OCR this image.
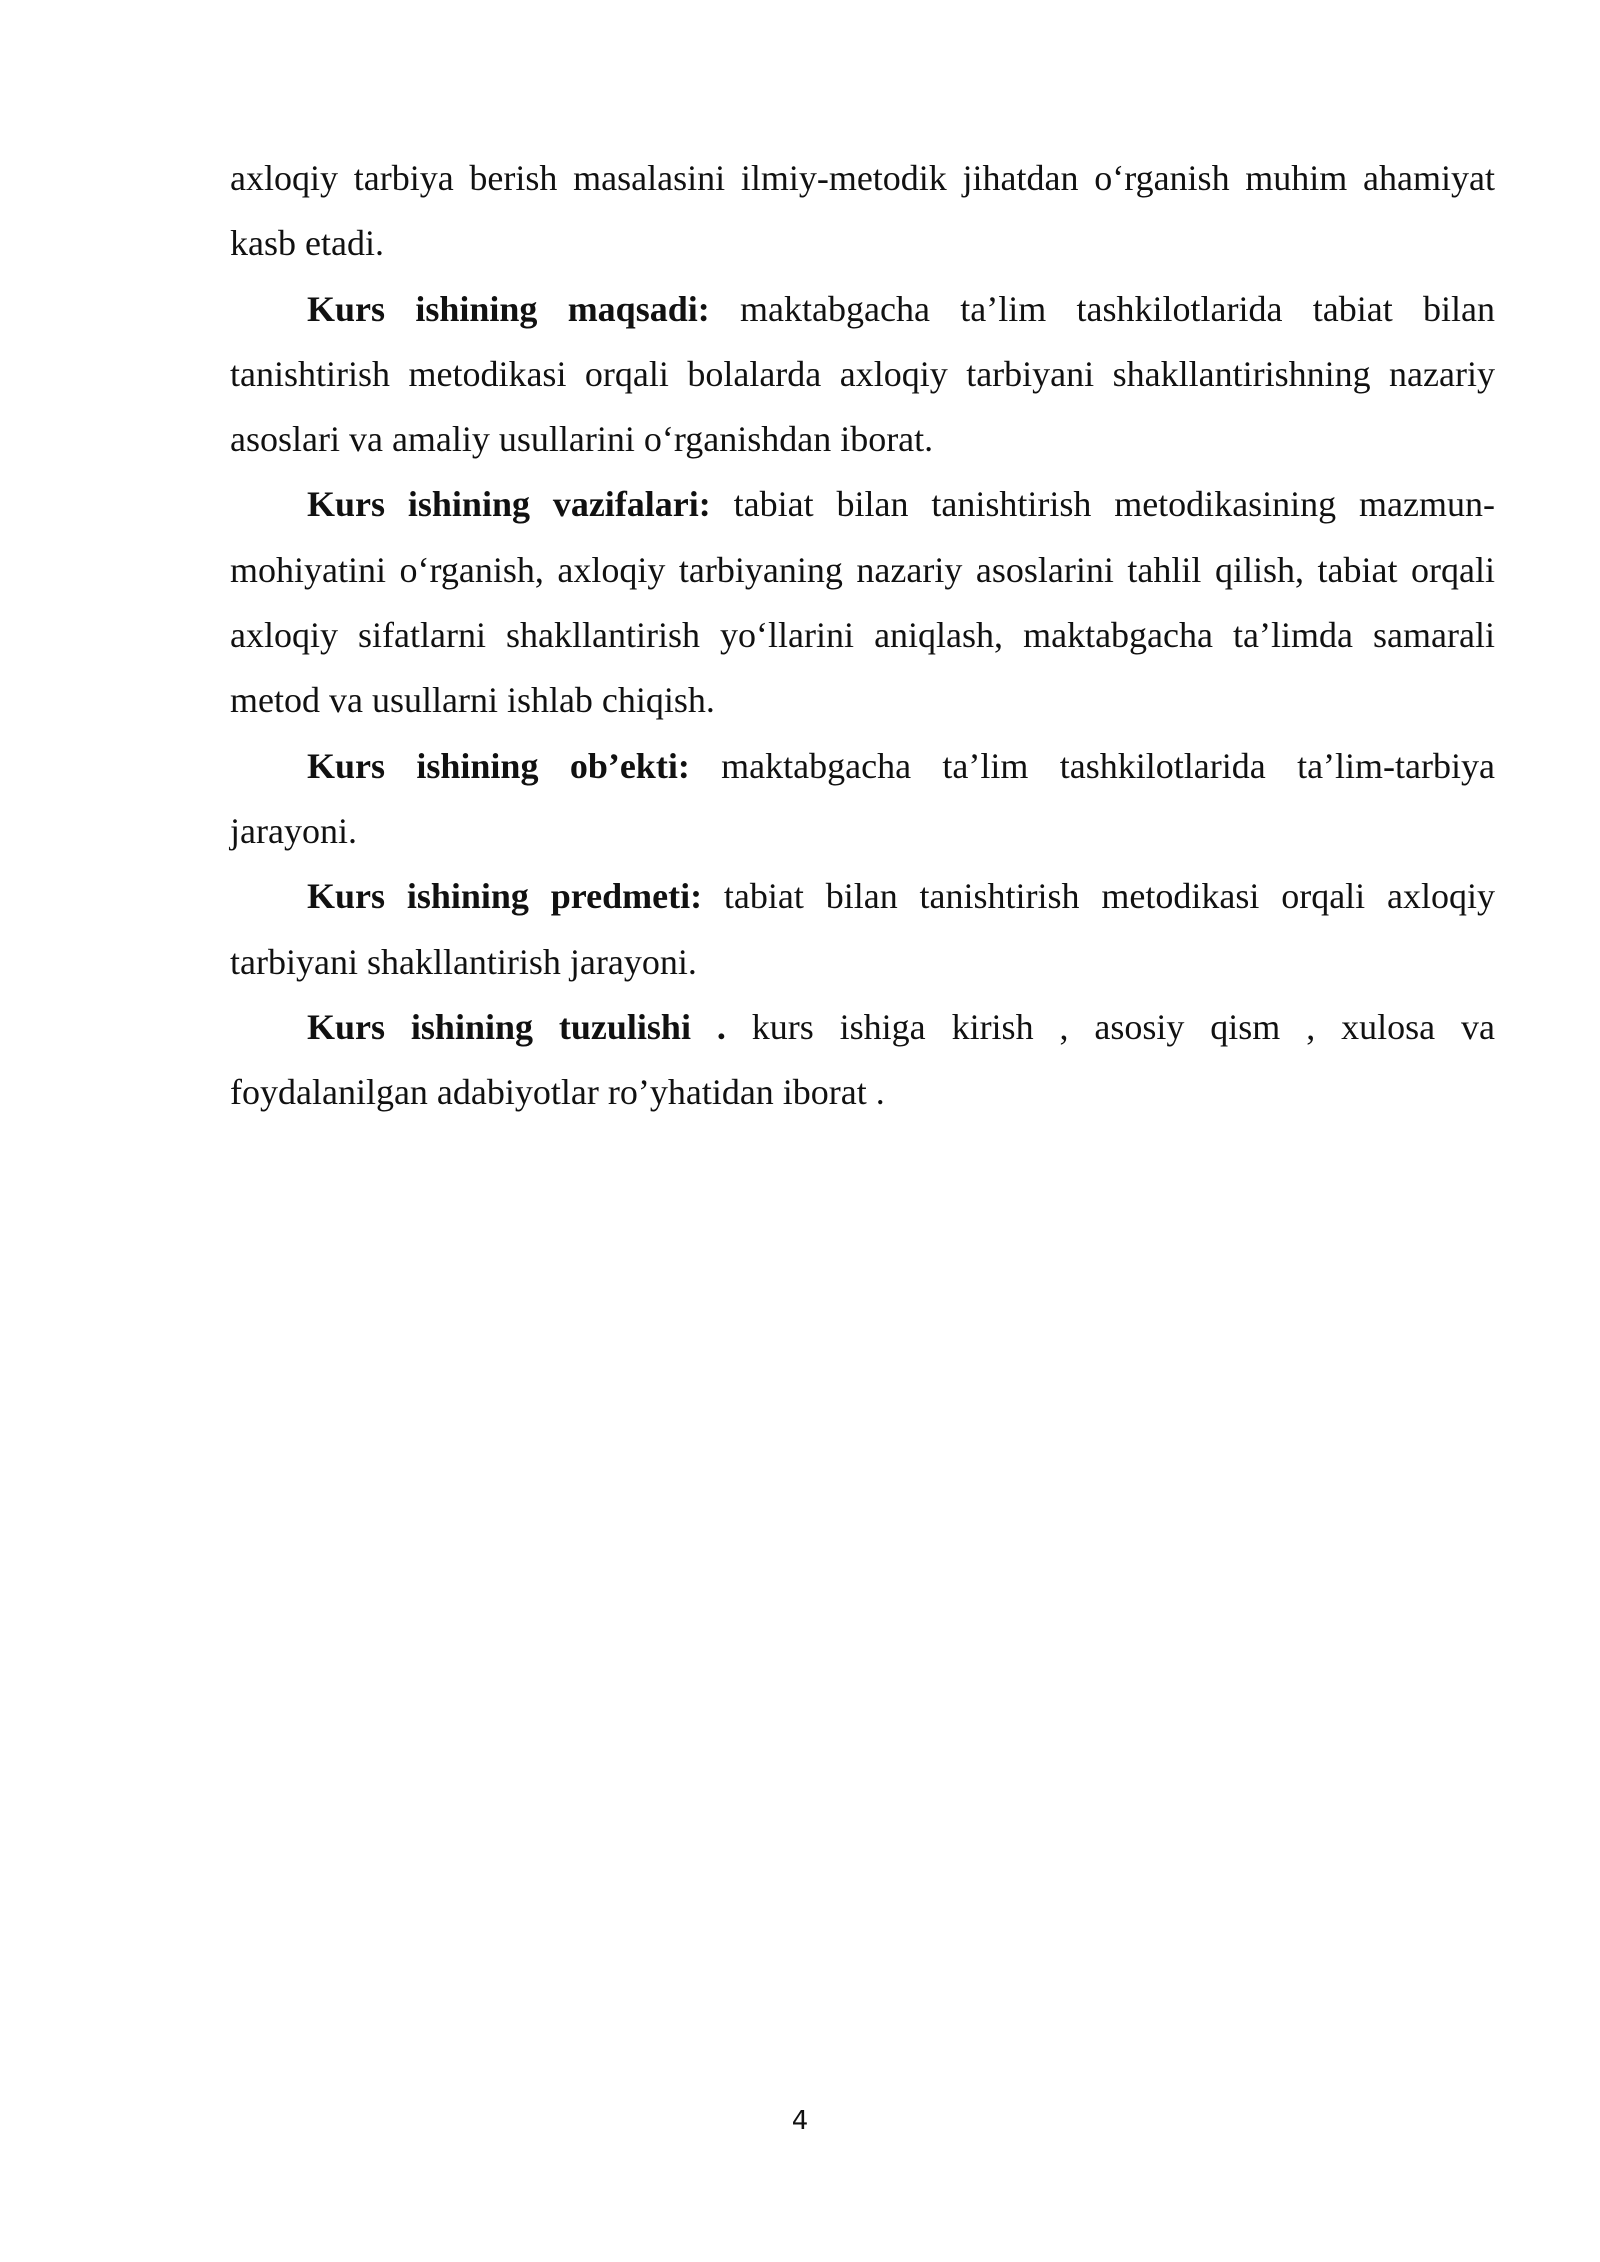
axloqiy tarbiya berish masalasini ilmiy-metodik jihatdan o‘rganish muhim ahamiyat kasb etadi.

Kurs ishining maqsadi: maktabgacha ta’lim tashkilotlarida tabiat bilan tanishtirish metodikasi orqali bolalarda axloqiy tarbiyani shakllantirishning nazariy asoslari va amaliy usullarini o‘rganishdan iborat.

Kurs ishining vazifalari: tabiat bilan tanishtirish metodikasining mazmun-mohiyatini o‘rganish, axloqiy tarbiyaning nazariy asoslarini tahlil qilish, tabiat orqali axloqiy sifatlarni shakllantirish yo‘llarini aniqlash, maktabgacha ta’limda samarali metod va usullarni ishlab chiqish.

Kurs ishining ob’ekti: maktabgacha ta’lim tashkilotlarida ta’lim-tarbiya jarayoni.

Kurs ishining predmeti: tabiat bilan tanishtirish metodikasi orqali axloqiy tarbiyani shakllantirish jarayoni.

Kurs ishining tuzulishi . kurs ishiga kirish , asosiy qism , xulosa va foydalanilgan adabiyotlar ro’yhatidan iborat .

4
